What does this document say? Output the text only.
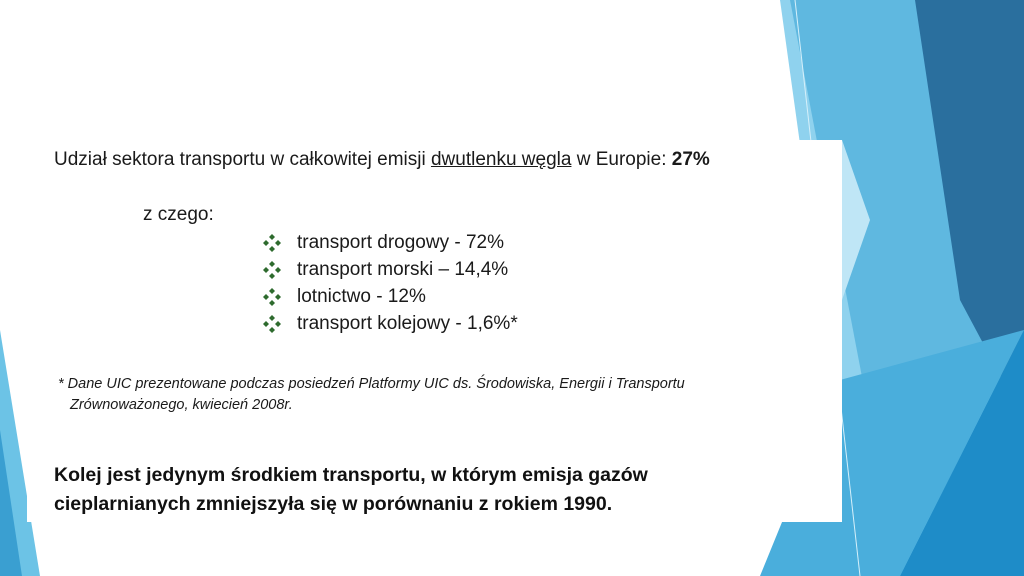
Udział sektora transportu w całkowitej emisji dwutlenku węgla w Europie: 27%
z czego:
transport drogowy - 72%
transport morski – 14,4%
lotnictwo - 12%
transport kolejowy - 1,6%*
* Dane UIC prezentowane podczas posiedzeń Platformy UIC ds. Środowiska, Energii i Transportu
Zrównoważonego, kwiecień 2008r.
Kolej jest jedynym środkiem transportu, w którym emisja gazów
cieplarnianych zmniejszyła się w porównaniu z rokiem 1990.
